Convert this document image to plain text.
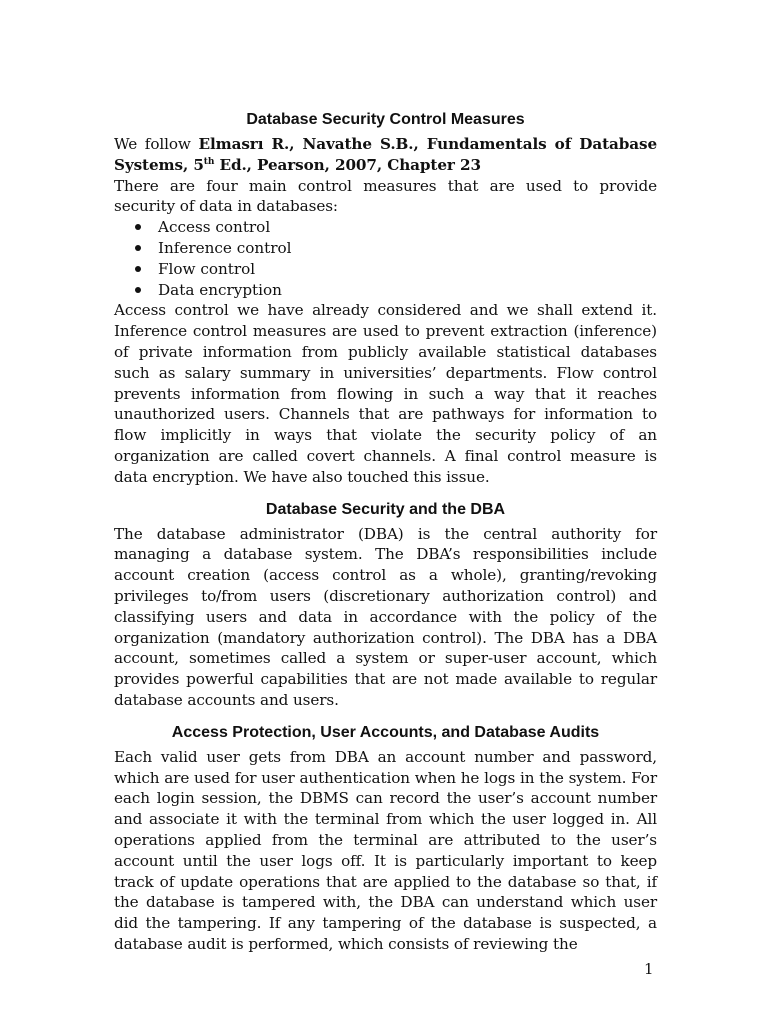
Database Security Control Measures

We follow Elmasrı R., Navathe S.B., Fundamentals of Database Systems, 5th Ed., Pearson, 2007, Chapter 23

There are four main control measures that are used to provide security of data in databases:

Access control
Inference control
Flow control
Data encryption

Access control we have already considered and we shall extend it. Inference control measures are used to prevent extraction (inference) of private information from publicly available statistical databases such as salary summary in universities’ departments. Flow control prevents information from flowing in such a way that it reaches unauthorized users. Channels that are pathways for information to flow implicitly in ways that violate the security policy of an organization are called covert channels. A final control measure is data encryption. We have also touched this issue.

Database Security and the DBA

The database administrator (DBA) is the central authority for managing a database system. The DBA’s responsibilities include account creation (access control as a whole), granting/revoking privileges to/from users (discretionary authorization control) and classifying users and data in accordance with the policy of the organization (mandatory authorization control). The DBA has a DBA account, sometimes called a system or super-user account, which provides powerful capabilities that are not made available to regular database accounts and users.

Access Protection, User Accounts, and Database Audits

Each valid user gets from DBA an account number and password, which are used for user authentication when he logs in the system. For each login session, the DBMS can record the user’s account number and associate it with the terminal from which the user logged in. All operations applied from the terminal are attributed to the user’s account until the user logs off. It is particularly important to keep track of update operations that are applied to the database so that, if the database is tampered with, the DBA can understand which user did the tampering. If any tampering of the database is suspected, a database audit is performed, which consists of reviewing the

1
